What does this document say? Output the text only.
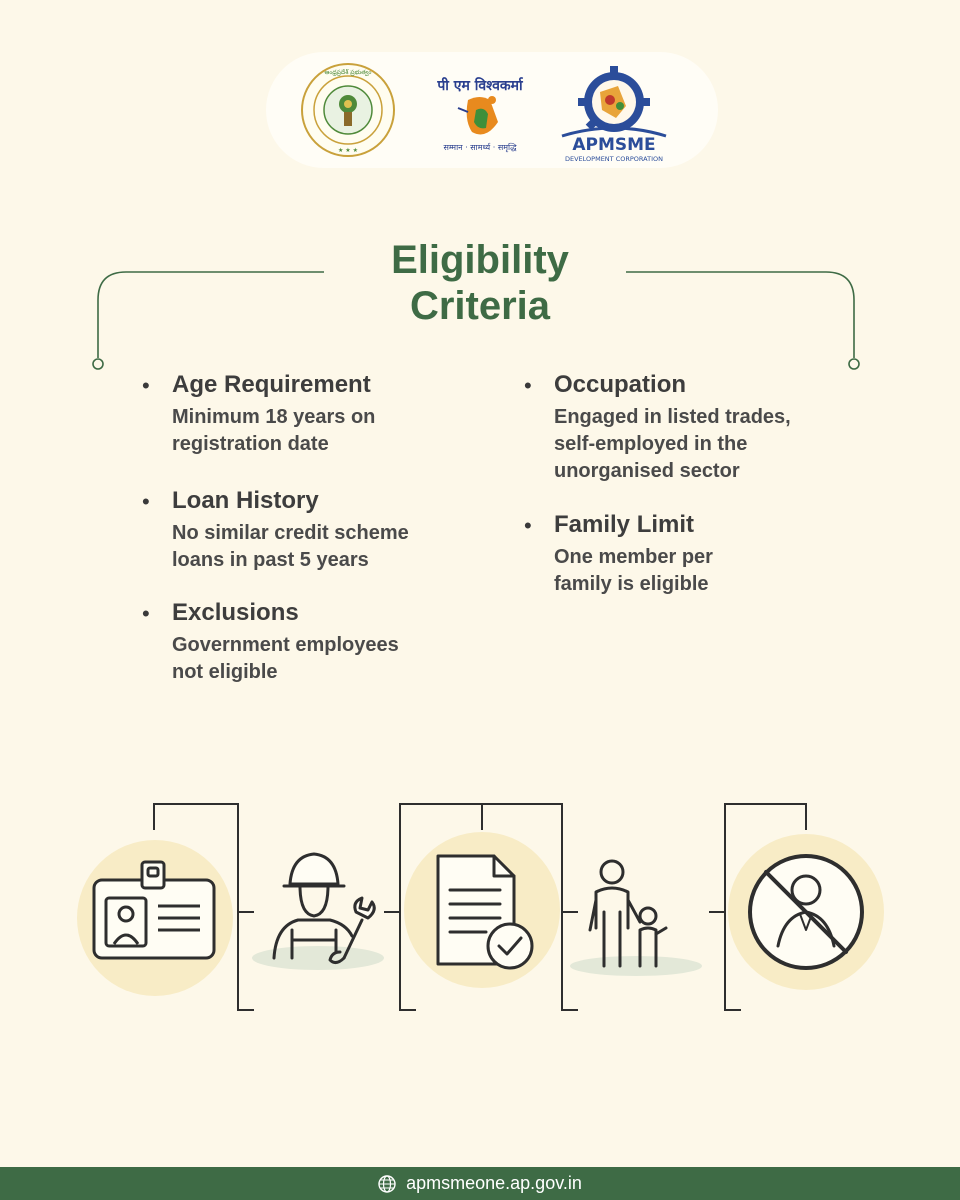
ఆంధ్రప్రదేశ్ ప్రభుత్వం
★ ★ ★
पी एम विश्वकर्मा
सम्मान · सामर्थ्य · समृद्धि	APMSME
DEVELOPMENT CORPORATION
Eligibility
Criteria
• Age Requirement

Minimum 18 years on
registration date

• Loan History

No similar credit scheme
loans in past 5 years

• Exclusions

Government employees
not eligible

• Occupation

Engaged in listed trades,
self-employed in the
unorganised sector

• Family Limit

One member per
family is eligible

apmsmeone.ap.gov.in
